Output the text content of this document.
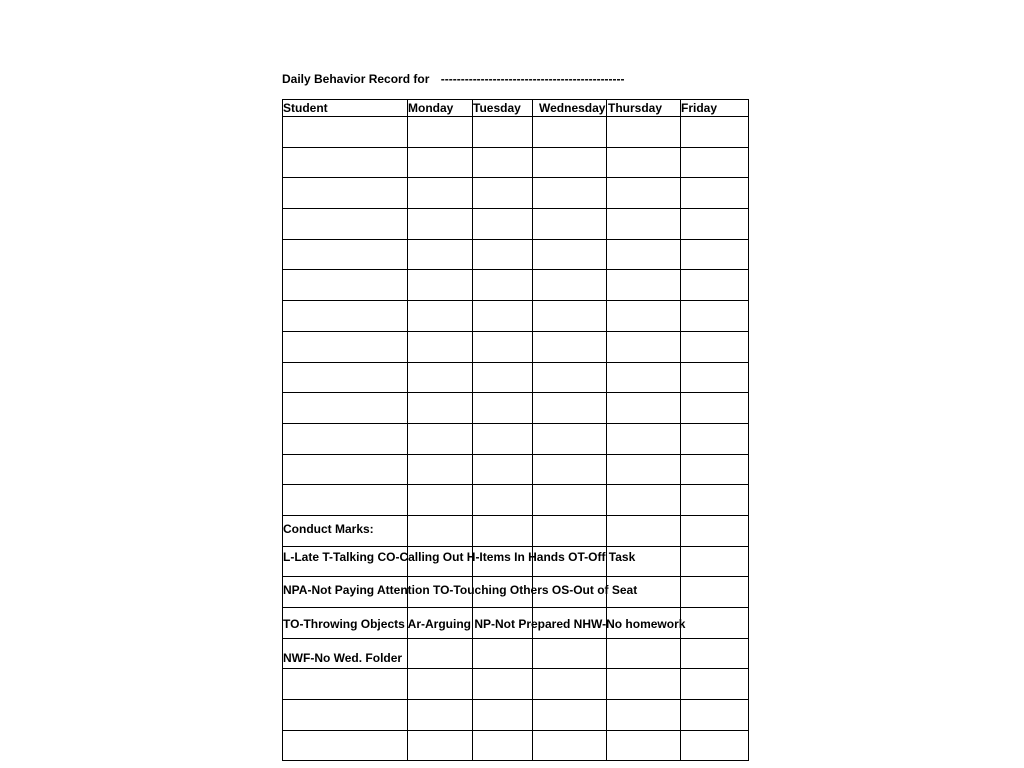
Daily Behavior Record for ----------------------------------------------
Student	Monday Tuesday Wednesday Thursday Friday
Conduct Marks:
L-Late T-Talking CO-Calling Out H-Items In Hands OT-Off Task
NPA-Not Paying Attention TO-Touching Others OS-Out of Seat
TO-Throwing Objects Ar-Arguing NP-Not Prepared NHW-No homework
NWF-No Wed. Folder
